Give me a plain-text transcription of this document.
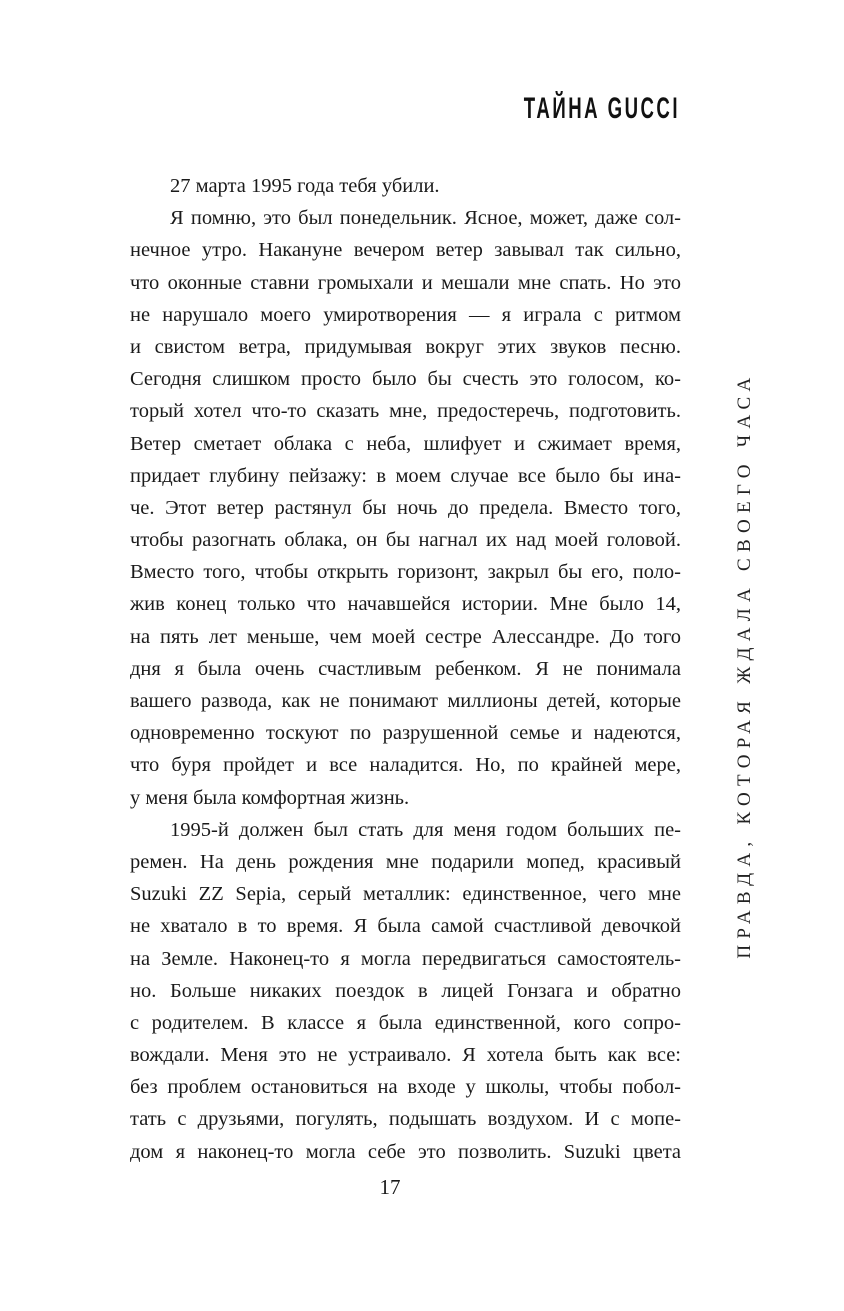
ТАЙНА GUCCI
27 марта 1995 года тебя убили.
Я помню, это был понедельник. Ясное, может, даже сол-
нечное утро. Накануне вечером ветер завывал так сильно,
что оконные ставни громыхали и мешали мне спать. Но это
не нарушало моего умиротворения — я играла с ритмом
и свистом ветра, придумывая вокруг этих звуков песню.
Сегодня слишком просто было бы счесть это голосом, ко-
торый хотел что-то сказать мне, предостеречь, подготовить.
Ветер сметает облака с неба, шлифует и сжимает время,
придает глубину пейзажу: в моем случае все было бы ина-
че. Этот ветер растянул бы ночь до предела. Вместо того,
чтобы разогнать облака, он бы нагнал их над моей головой.
Вместо того, чтобы открыть горизонт, закрыл бы его, поло-
жив конец только что начавшейся истории. Мне было 14,
на пять лет меньше, чем моей сестре Алессандре. До того
дня я была очень счастливым ребенком. Я не понимала
вашего развода, как не понимают миллионы детей, которые
одновременно тоскуют по разрушенной семье и надеются,
что буря пройдет и все наладится. Но, по крайней мере,
у меня была комфортная жизнь.
1995-й должен был стать для меня годом больших пе-
ремен. На день рождения мне подарили мопед, красивый
Suzuki ZZ Sepia, серый металлик: единственное, чего мне
не хватало в то время. Я была самой счастливой девочкой
на Земле. Наконец-то я могла передвигаться самостоятель-
но. Больше никаких поездок в лицей Гонзага и обратно
с родителем. В классе я была единственной, кого сопро-
вождали. Меня это не устраивало. Я хотела быть как все:
без проблем остановиться на входе у школы, чтобы побол-
тать с друзьями, погулять, подышать воздухом. И с мопе-
дом я наконец-то могла себе это позволить. Suzuki цвета
ПРАВДА, КОТОРАЯ ЖДАЛА СВОЕГО ЧАСА
17
